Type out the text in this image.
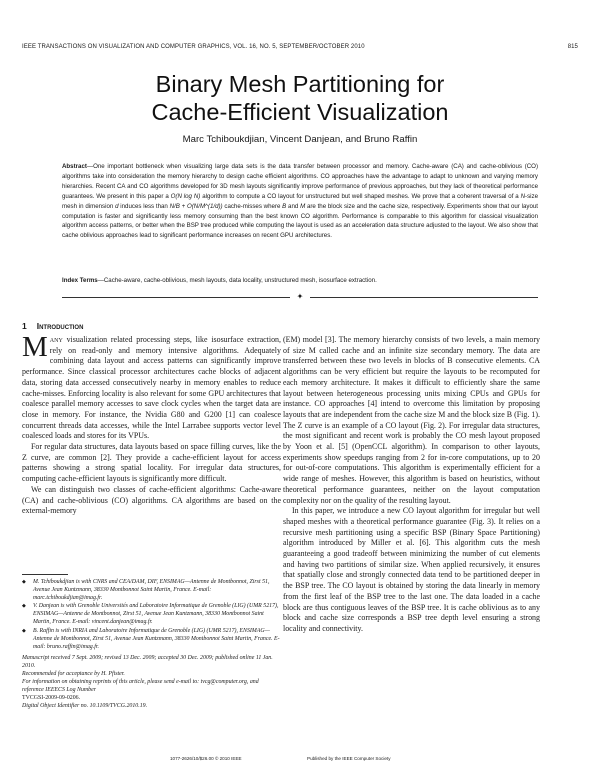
IEEE TRANSACTIONS ON VISUALIZATION AND COMPUTER GRAPHICS, VOL. 16, NO. 5, SEPTEMBER/OCTOBER 2010	815
Binary Mesh Partitioning for
Cache-Efficient Visualization
Marc Tchiboukdjian, Vincent Danjean, and Bruno Raffin
Abstract—One important bottleneck when visualizing large data sets is the data transfer between processor and memory. Cache-aware (CA) and cache-oblivious (CO) algorithms take into consideration the memory hierarchy to design cache efficient algorithms. CO approaches have the advantage to adapt to unknown and varying memory hierarchies. Recent CA and CO algorithms developed for 3D mesh layouts significantly improve performance of previous approaches, but they lack of theoretical performance guarantees. We present in this paper a O(N log N) algorithm to compute a CO layout for unstructured but well shaped meshes. We prove that a coherent traversal of a N-size mesh in dimension d induces less than N/B + O(N/M^(1/d)) cache-misses where B and M are the block size and the cache size, respectively. Experiments show that our layout computation is faster and significantly less memory consuming than the best known CO algorithm. Performance is comparable to this algorithm for classical visualization algorithm access patterns, or better when the BSP tree produced while computing the layout is used as an acceleration data structure adjusted to the layout. We also show that cache oblivious approaches lead to significant performance increases on recent GPU architectures.
Index Terms—Cache-aware, cache-oblivious, mesh layouts, data locality, unstructured mesh, isosurface extraction.
✦
1 Introduction

Many visualization related processing steps, like isosurface extraction, rely on read-only and memory intensive algorithms. Adequately combining data layout and access patterns can significantly improve performance. Since classical processor architectures cache blocks of adjacent data, storing data accessed consecutively nearby in memory enables to reduce cache-misses. Enforcing locality is also relevant for some GPU architectures that coalesce parallel memory accesses to save clock cycles when the target data are close in memory. For instance, the Nvidia G80 and G200 [1] can coalesce concurrent threads data accesses, while the Intel Larrabee supports vector level coalesced loads and stores for its VPUs.

For regular data structures, data layouts based on space filling curves, like the Z curve, are common [2]. They provide a cache-efficient layout for access patterns showing a strong spatial locality. For irregular data structures, computing cache-efficient layouts is significantly more difficult.

We can distinguish two classes of cache-efficient algorithms: Cache-aware (CA) and cache-oblivious (CO) algorithms. CA algorithms are based on the external-memory

◆ M. Tchiboukdjian is with CNRS and CEA/DAM, DIF, ENSIMAG—Antenne de Montbonnot, Zirst 51, Avenue Jean Kuntzmann, 38330 Montbonnot Saint Martin, France. E-mail: marc.tchiboukdjian@imag.fr.
◆ V. Danjean is with Grenoble Universités and Laboratoire Informatique de Grenoble (LIG) (UMR 5217), ENSIMAG—Antenne de Montbonnot, Zirst 51, Avenue Jean Kuntzmann, 38330 Montbonnot Saint Martin, France. E-mail: vincent.danjean@imag.fr.
◆ B. Raffin is with INRIA and Laboratoire Informatique de Grenoble (LIG) (UMR 5217), ENSIMAG—Antenne de Montbonnot, Zirst 51, Avenue Jean Kuntzmann, 38330 Montbonnot Saint Martin, France. E-mail: bruno.raffin@imag.fr.
Manuscript received 7 Sept. 2009; revised 13 Dec. 2009; accepted 30 Dec. 2009; published online 11 Jan. 2010.
Recommended for acceptance by H. Pfister.
For information on obtaining reprints of this article, please send e-mail to: tvcg@computer.org, and reference IEEECS Log Number
TVCGSI-2009-09-0206.
Digital Object Identifier no. 10.1109/TVCG.2010.19.

(EM) model [3]. The memory hierarchy consists of two levels, a main memory of size M called cache and an infinite size secondary memory. The data are transferred between these two levels in blocks of B consecutive elements. CA algorithms can be very efficient but require the layouts to be recomputed for each memory architecture. It makes it difficult to efficiently share the same layout between heterogeneous processing units mixing CPUs and GPUs for instance. CO approaches [4] intend to overcome this limitation by proposing layouts that are independent from the cache size M and the block size B (Fig. 1). The Z curve is an example of a CO layout (Fig. 2). For irregular data structures, the most significant and recent work is probably the CO mesh layout proposed by Yoon et al. [5] (OpenCCL algorithm). In comparison to other layouts, experiments show speedups ranging from 2 for in-core computations, up to 20 for out-of-core computations. This algorithm is experimentally efficient for a wide range of meshes. However, this algorithm is based on heuristics, without theoretical performance guarantees, neither on the layout computation complexity nor on the quality of the resulting layout.

In this paper, we introduce a new CO layout algorithm for irregular but well shaped meshes with a theoretical performance guarantee (Fig. 3). It relies on a recursive mesh partitioning using a specific BSP (Binary Space Partitioning) algorithm introduced by Miller et al. [6]. This algorithm cuts the mesh guaranteeing a good tradeoff between minimizing the number of cut elements and having two partitions of similar size. When applied recursively, it ensures that spatially close and strongly connected data tend to be partitioned deeper in the BSP tree. The CO layout is obtained by storing the data linearly in memory from the first leaf of the BSP tree to the last one. The data loaded in a cache block are thus contiguous leaves of the BSP tree. It is cache oblivious as to any block and cache size corresponds a BSP tree depth level ensuring a strong locality and connectivity.

1077-2626/10/$26.00 © 2010 IEEE	Published by the IEEE Computer Society
